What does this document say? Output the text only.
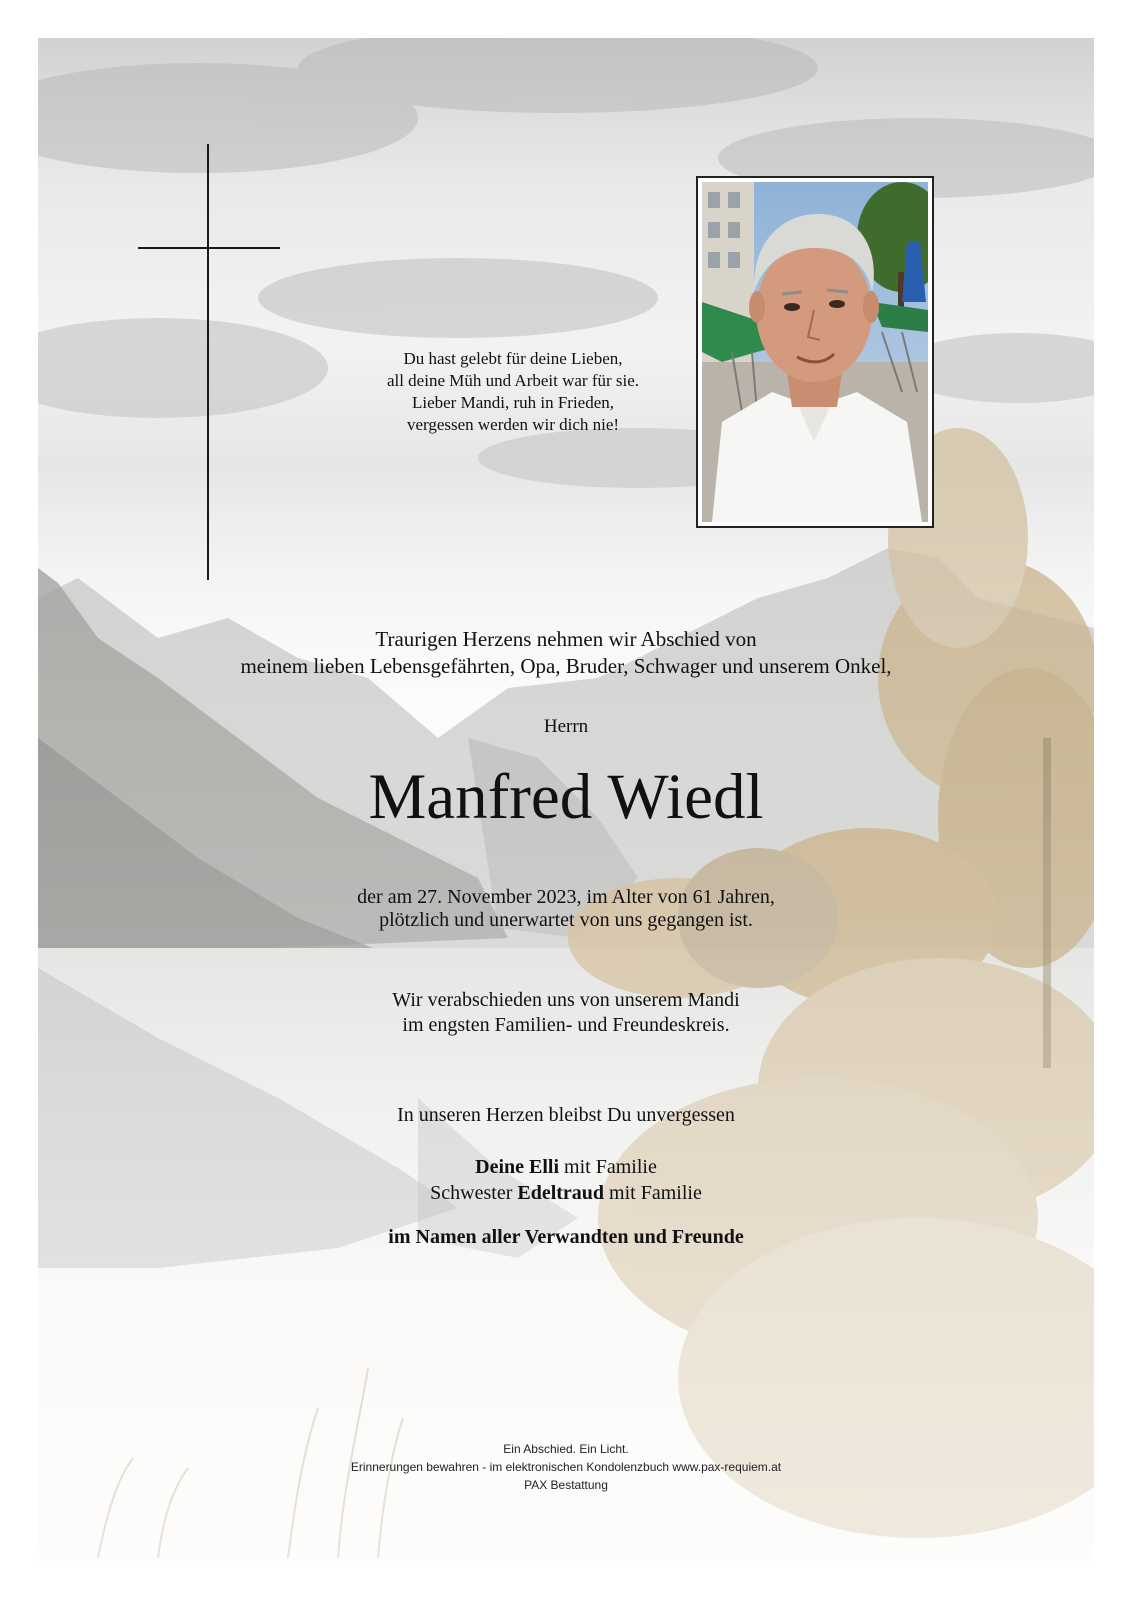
Du hast gelebt für deine Lieben,
all deine Müh und Arbeit war für sie.
Lieber Mandi, ruh in Frieden,
vergessen werden wir dich nie!
Traurigen Herzens nehmen wir Abschied von
meinem lieben Lebensgefährten, Opa, Bruder, Schwager und unserem Onkel,
Herrn
Manfred Wiedl
der am 27. November 2023, im Alter von 61 Jahren,
plötzlich und unerwartet von uns gegangen ist.
Wir verabschieden uns von unserem Mandi
im engsten Familien- und Freundeskreis.
In unseren Herzen bleibst Du unvergessen
Deine Elli mit Familie
Schwester Edeltraud mit Familie
im Namen aller Verwandten und Freunde
Ein Abschied. Ein Licht.
Erinnerungen bewahren - im elektronischen Kondolenzbuch www.pax-requiem.at
PAX Bestattung
